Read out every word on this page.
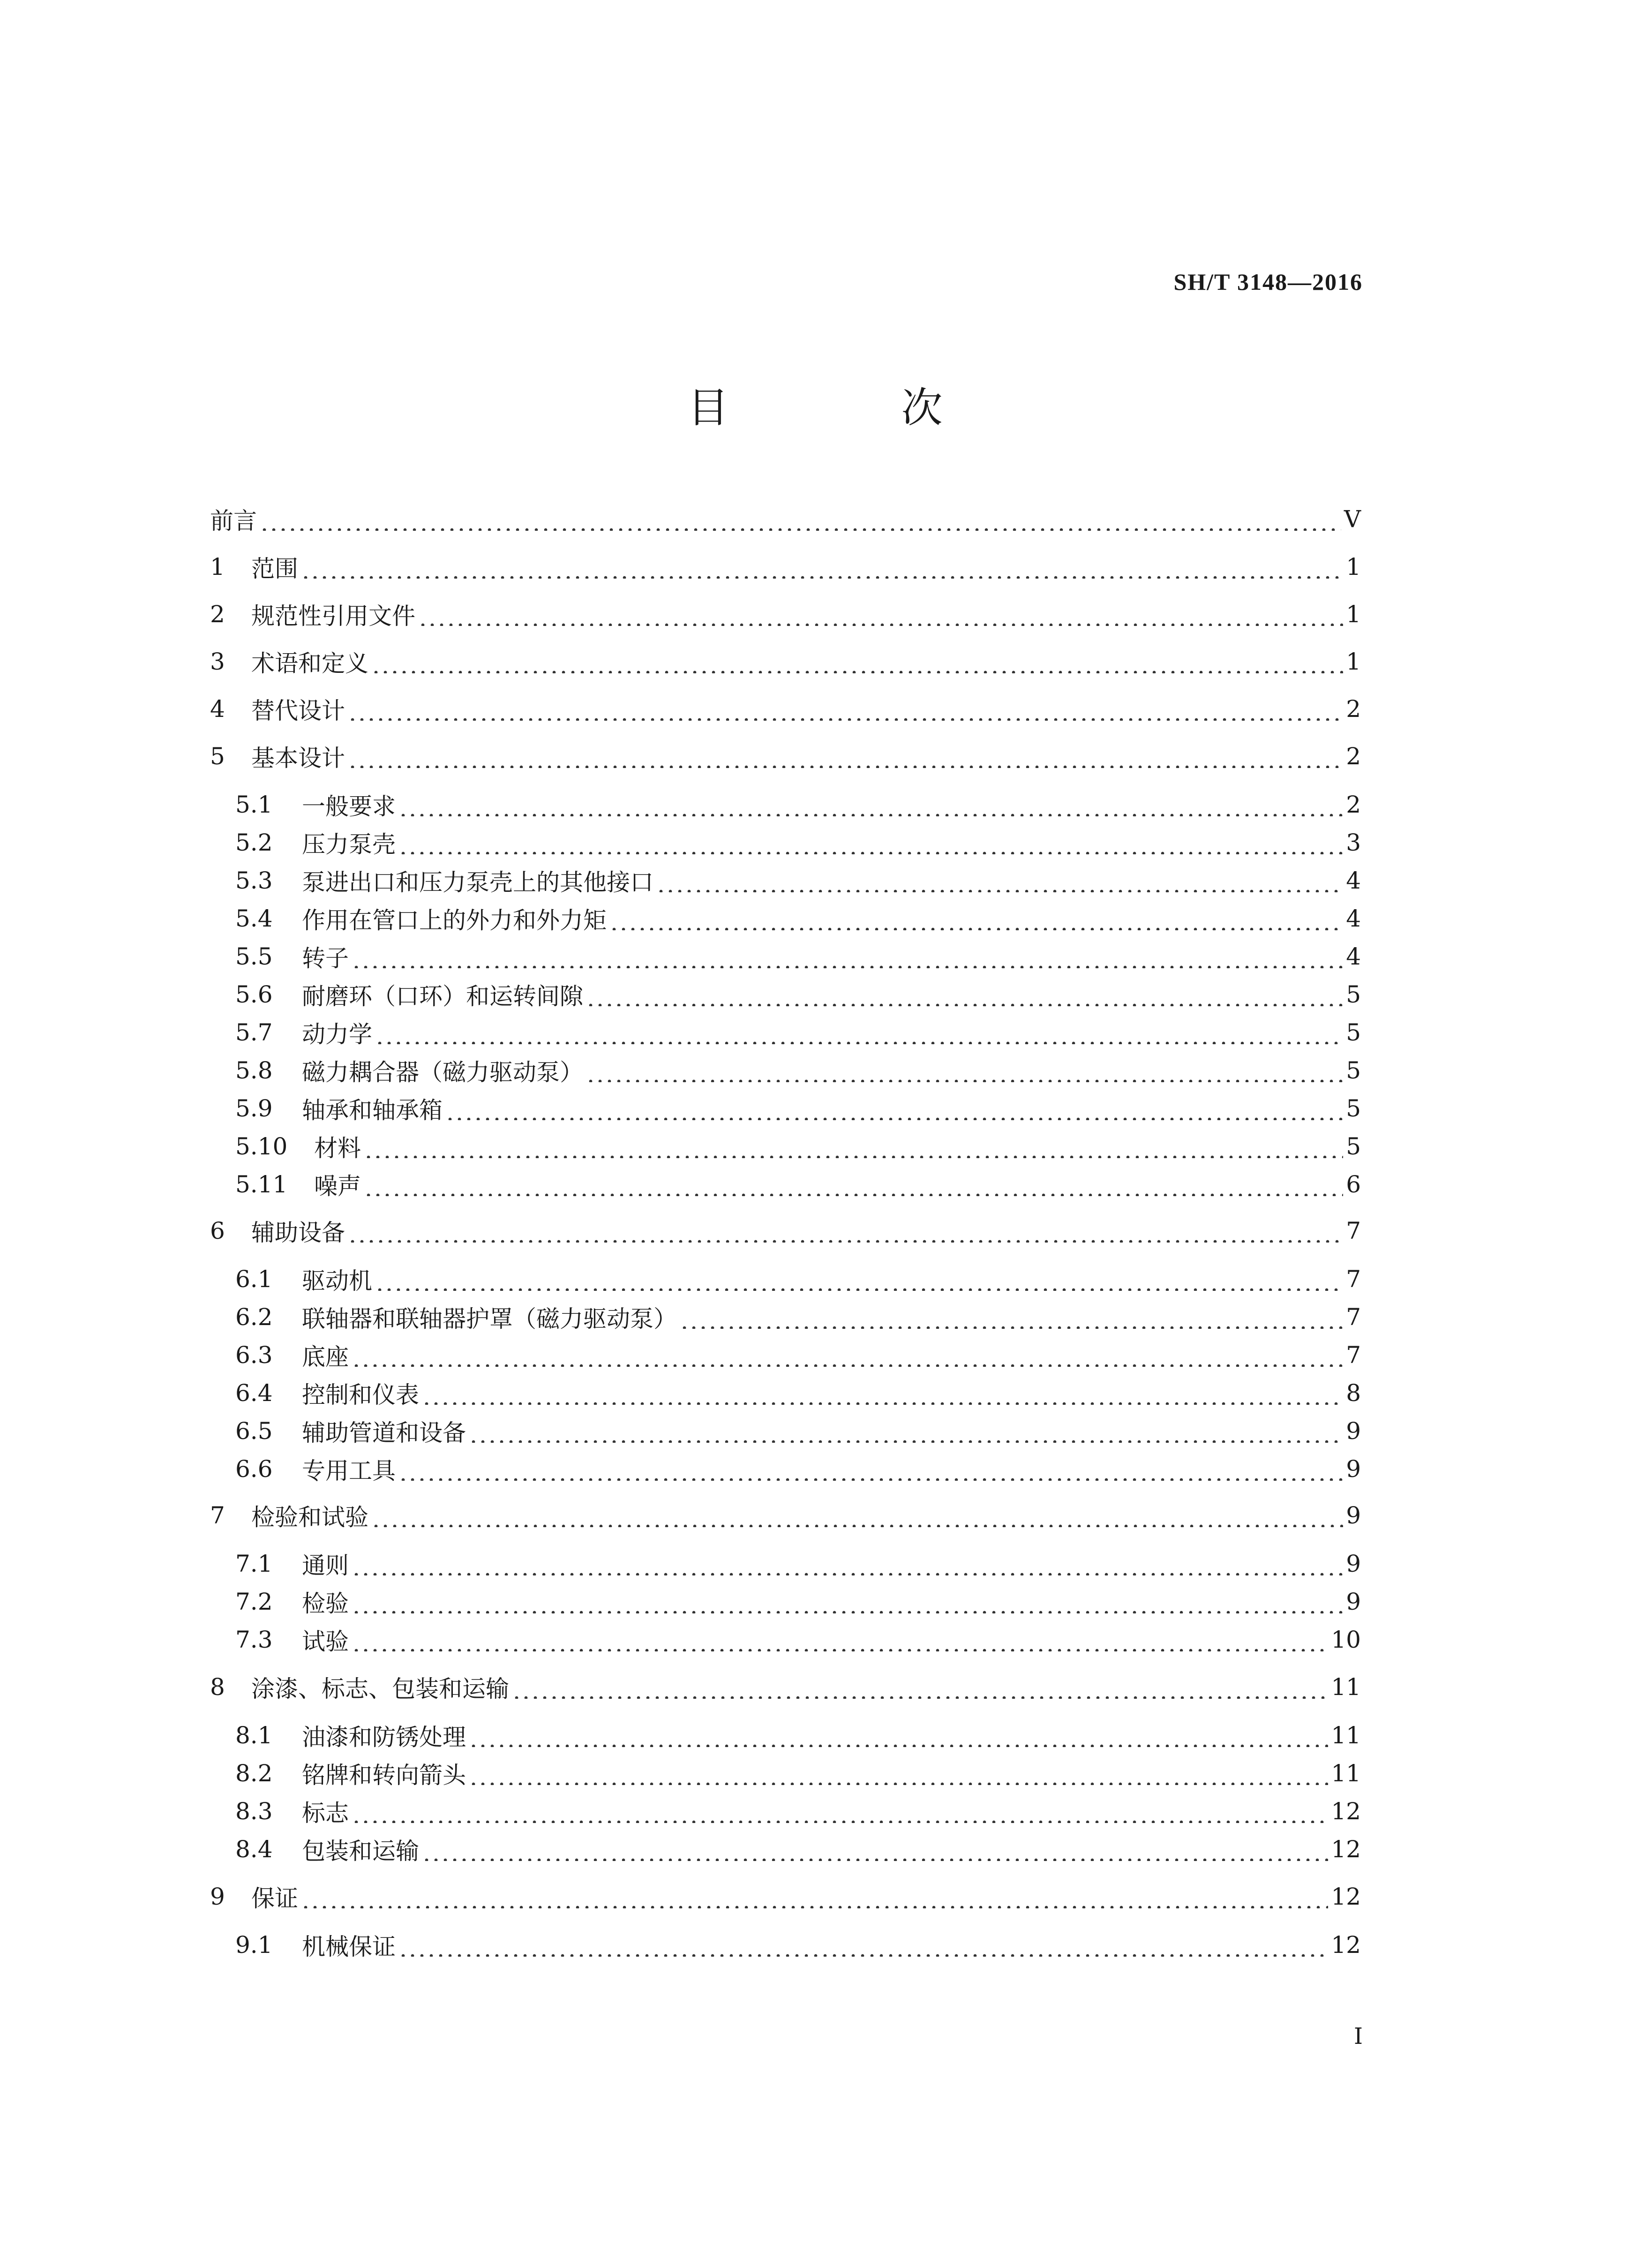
SH/T 3148—2016
目 次
前言	V
1	范围	1
2	规范性引用文件	1
3	术语和定义	1
4	替代设计	2
5	基本设计	2
5.1	一般要求	2
5.2	压力泵壳	3
5.3	泵进出口和压力泵壳上的其他接口	4
5.4	作用在管口上的外力和外力矩	4
5.5	转子	4
5.6	耐磨环（口环）和运转间隙	5
5.7	动力学	5
5.8	磁力耦合器（磁力驱动泵）	5
5.9	轴承和轴承箱	5
5.10	材料	5
5.11	噪声	6
6	辅助设备	7
6.1	驱动机	7
6.2	联轴器和联轴器护罩（磁力驱动泵）	7
6.3	底座	7
6.4	控制和仪表	8
6.5	辅助管道和设备	9
6.6	专用工具	9
7	检验和试验	9
7.1	通则	9
7.2	检验	9
7.3	试验	10
8	涂漆、标志、包装和运输	11
8.1	油漆和防锈处理	11
8.2	铭牌和转向箭头	11
8.3	标志	12
8.4	包装和运输	12
9	保证	12
9.1	机械保证	12
I
